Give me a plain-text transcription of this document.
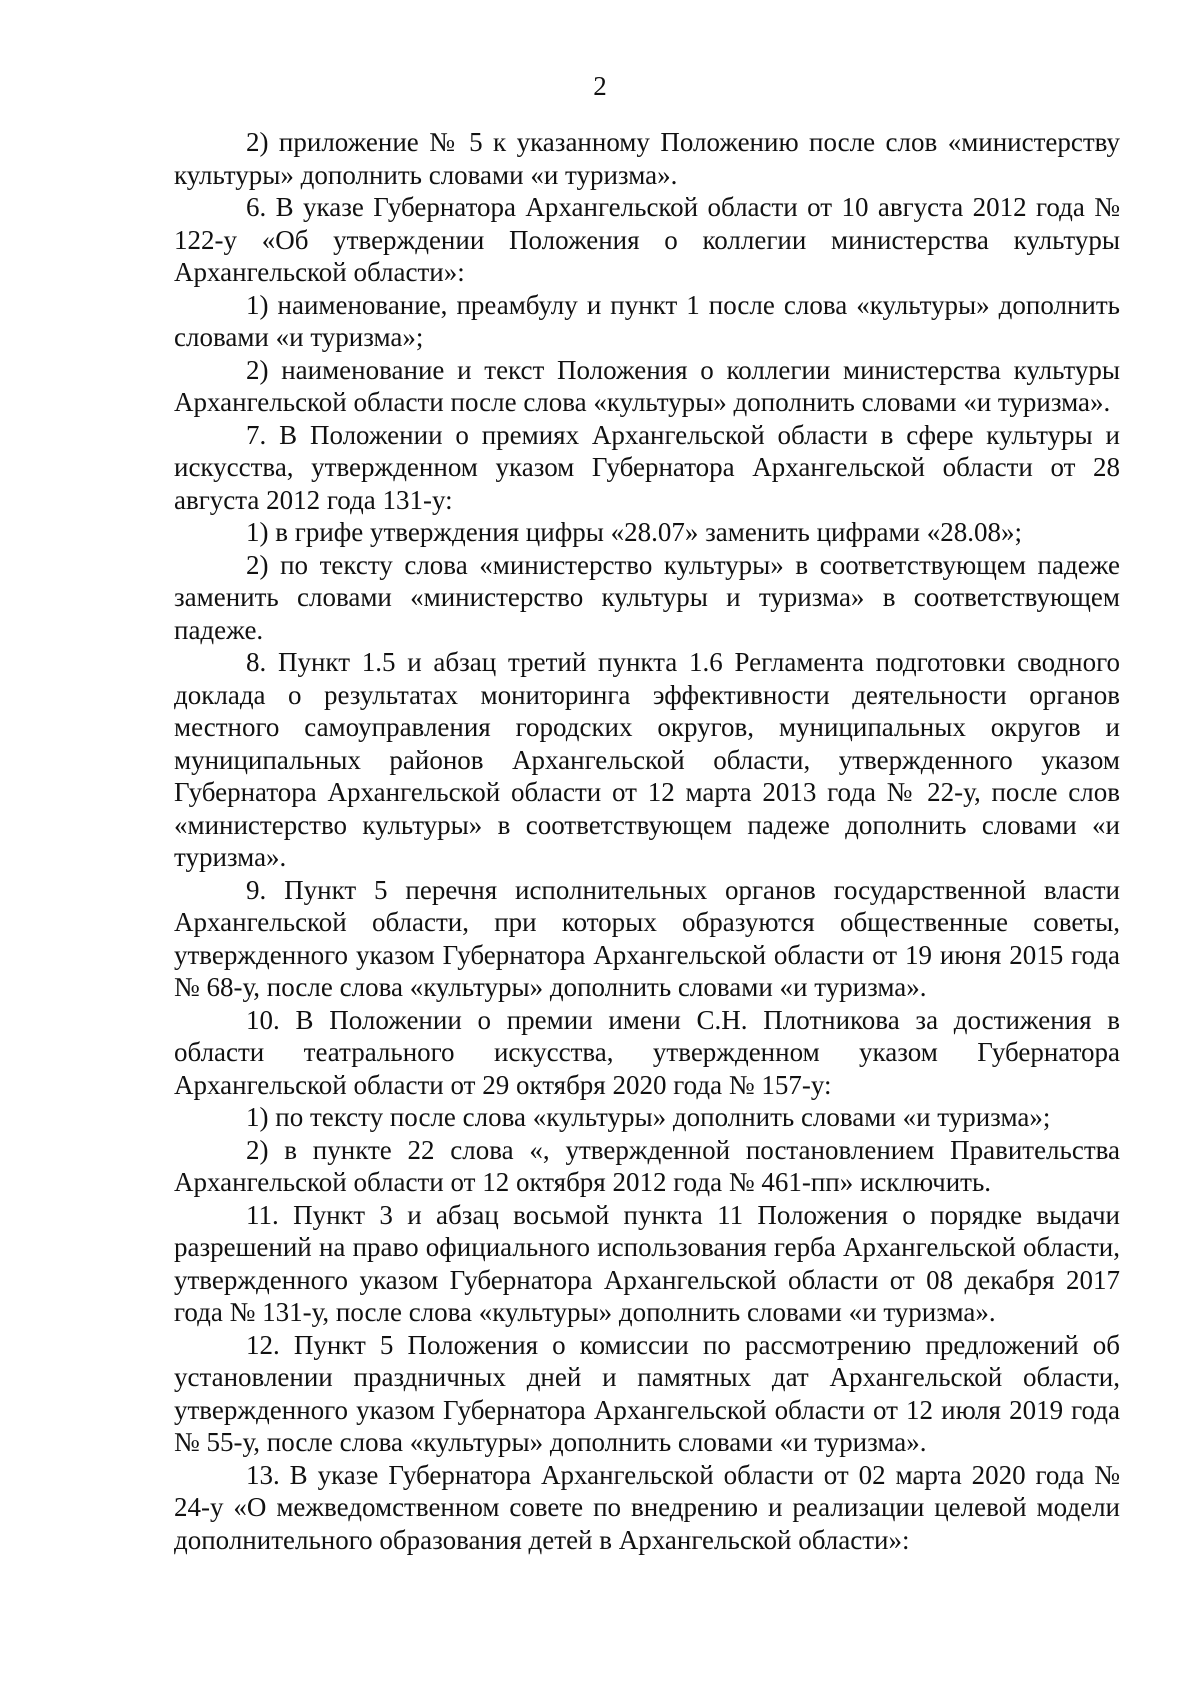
2

2) приложение № 5 к указанному Положению после слов «министерству культуры» дополнить словами «и туризма».

6. В указе Губернатора Архангельской области от 10 августа 2012 года № 122-у «Об утверждении Положения о коллегии министерства культуры Архангельской области»:

1) наименование, преамбулу и пункт 1 после слова «культуры» дополнить словами «и туризма»;

2) наименование и текст Положения о коллегии министерства культуры Архангельской области после слова «культуры» дополнить словами «и туризма».

7. В Положении о премиях Архангельской области в сфере культуры и искусства, утвержденном указом Губернатора Архангельской области от 28 августа 2012 года 131-у:

1) в грифе утверждения цифры «28.07» заменить цифрами «28.08»;

2) по тексту слова «министерство культуры» в соответствующем падеже заменить словами «министерство культуры и туризма» в соответствующем падеже.

8. Пункт 1.5 и абзац третий пункта 1.6 Регламента подготовки сводного доклада о результатах мониторинга эффективности деятельности органов местного самоуправления городских округов, муниципальных округов и муниципальных районов Архангельской области, утвержденного указом Губернатора Архангельской области от 12 марта 2013 года № 22-у, после слов «министерство культуры» в соответствующем падеже дополнить словами «и туризма».

9. Пункт 5 перечня исполнительных органов государственной власти Архангельской области, при которых образуются общественные советы, утвержденного указом Губернатора Архангельской области от 19 июня 2015 года № 68-у, после слова «культуры» дополнить словами «и туризма».

10. В Положении о премии имени С.Н. Плотникова за достижения в области театрального искусства, утвержденном указом Губернатора Архангельской области от 29 октября 2020 года № 157-у:

1) по тексту после слова «культуры» дополнить словами «и туризма»;

2) в пункте 22 слова «, утвержденной постановлением Правительства Архангельской области от 12 октября 2012 года № 461-пп» исключить.

11. Пункт 3 и абзац восьмой пункта 11 Положения о порядке выдачи разрешений на право официального использования герба Архангельской области, утвержденного указом Губернатора Архангельской области от 08 декабря 2017 года № 131-у, после слова «культуры» дополнить словами «и туризма».

12. Пункт 5 Положения о комиссии по рассмотрению предложений об установлении праздничных дней и памятных дат Архангельской области, утвержденного указом Губернатора Архангельской области от 12 июля 2019 года № 55-у, после слова «культуры» дополнить словами «и туризма».

13. В указе Губернатора Архангельской области от 02 марта 2020 года № 24-у «О межведомственном совете по внедрению и реализации целевой модели дополнительного образования детей в Архангельской области»:
